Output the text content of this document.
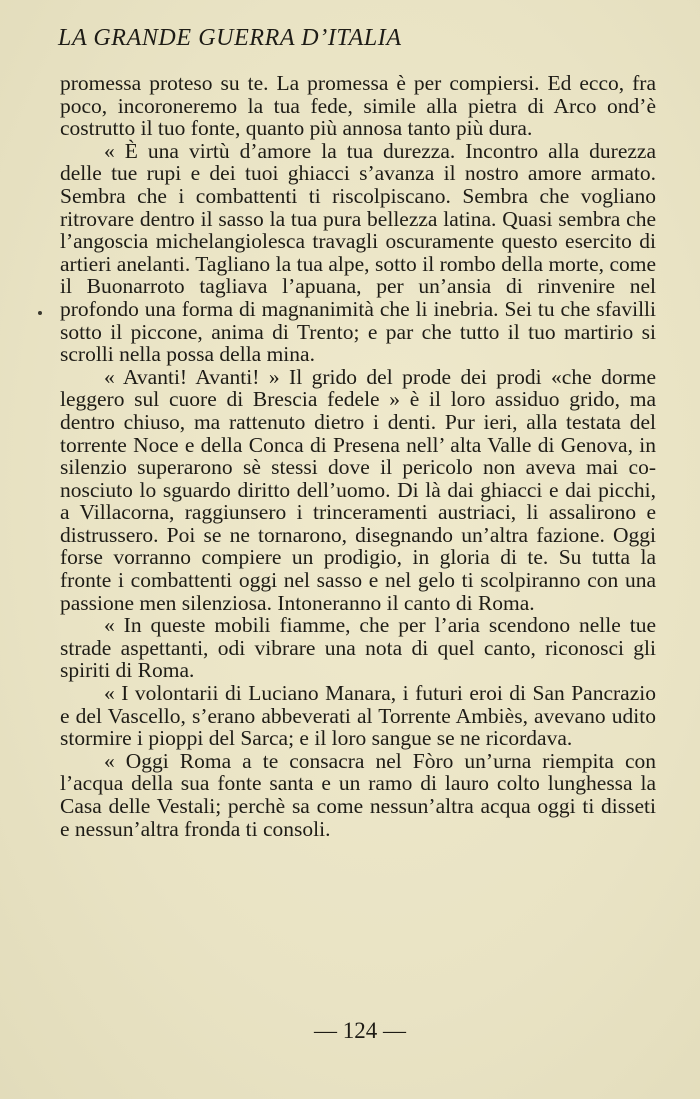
LA GRANDE GUERRA D’ITALIA

promessa proteso su te. La promessa è per compiersi. Ed ecco, fra poco, incoroneremo la tua fede, simile alla pietra di Arco ond’è costrutto il tuo fonte, quanto più annosa tanto più dura.

« È una virtù d’amore la tua durezza. Incontro alla durezza delle tue rupi e dei tuoi ghiacci s’avanza il nostro amore armato. Sembra che i combattenti ti riscolpiscano. Sembra che vogliano ritrovare dentro il sasso la tua pura bellezza latina. Quasi sembra che l’angoscia michelangiolesca travagli oscuramente questo esercito di artieri anelanti. Tagliano la tua alpe, sotto il rombo della morte, come il Buonarroto tagliava l’apuana, per un’ansia di rinvenire nel profondo una forma di magnanimità che li inebria. Sei tu che sfavilli sotto il piccone, anima di Trento; e par che tutto il tuo martirio si scrolli nella possa della mina.

« Avanti! Avanti! » Il grido del prode dei prodi «che dorme leggero sul cuore di Brescia fedele » è il loro assiduo grido, ma dentro chiuso, ma rattenuto dietro i denti. Pur ieri, alla testata del torrente Noce e della Conca di Presena nell’ alta Valle di Genova, in silenzio superarono sè stessi dove il pericolo non aveva mai conosciuto lo sguardo diritto dell’uomo. Di là dai ghiacci e dai picchi, a Villacorna, raggiunsero i trinceramenti austriaci, li assalirono e distrussero. Poi se ne tornarono, disegnando un’altra fazione. Oggi forse vorranno compiere un prodigio, in gloria di te. Su tutta la fronte i combattenti oggi nel sasso e nel gelo ti scolpiranno con una passione men silenziosa. Intoneranno il canto di Roma.

« In queste mobili fiamme, che per l’aria scendono nelle tue strade aspettanti, odi vibrare una nota di quel canto, riconosci gli spiriti di Roma.

« I volontarii di Luciano Manara, i futuri eroi di San Pancrazio e del Vascello, s’erano abbeverati al Torrente Ambiès, avevano udito stormire i pioppi del Sarca; e il loro sangue se ne ricordava.

« Oggi Roma a te consacra nel Fòro un’urna riempita con l’acqua della sua fonte santa e un ramo di lauro colto lunghessa la Casa delle Vestali; perchè sa come nessun’altra acqua oggi ti disseti e nessun’altra fronda ti consoli.

— 124 —
